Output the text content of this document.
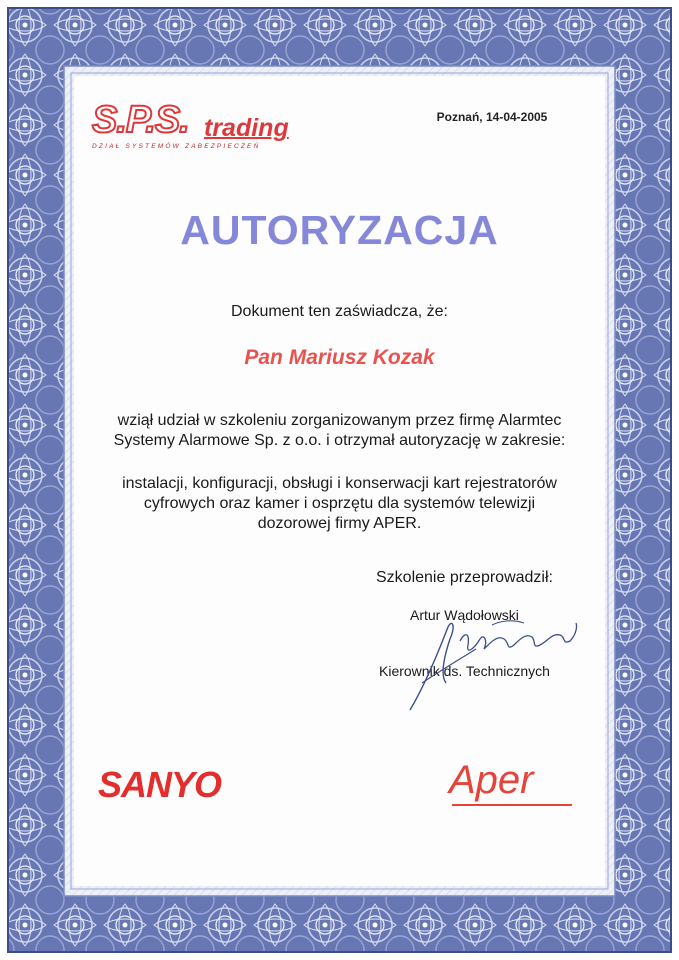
S.P.S. trading
DZIAŁ SYSTEMÓW ZABEZPIECZEŃ
Poznań, 14-04-2005
AUTORYZACJA
Dokument ten zaświadcza, że:
Pan Mariusz Kozak
wziął udział w szkoleniu zorganizowanym przez firmę Alarmtec
Systemy Alarmowe Sp. z o.o. i otrzymał autoryzację w zakresie:
instalacji, konfiguracji, obsługi i konserwacji kart rejestratorów
cyfrowych oraz kamer i osprzętu dla systemów telewizji
dozorowej firmy APER.
Szkolenie przeprowadził:
Artur Wądołowski
Kierownik ds. Technicznych
SANYO	Aper
